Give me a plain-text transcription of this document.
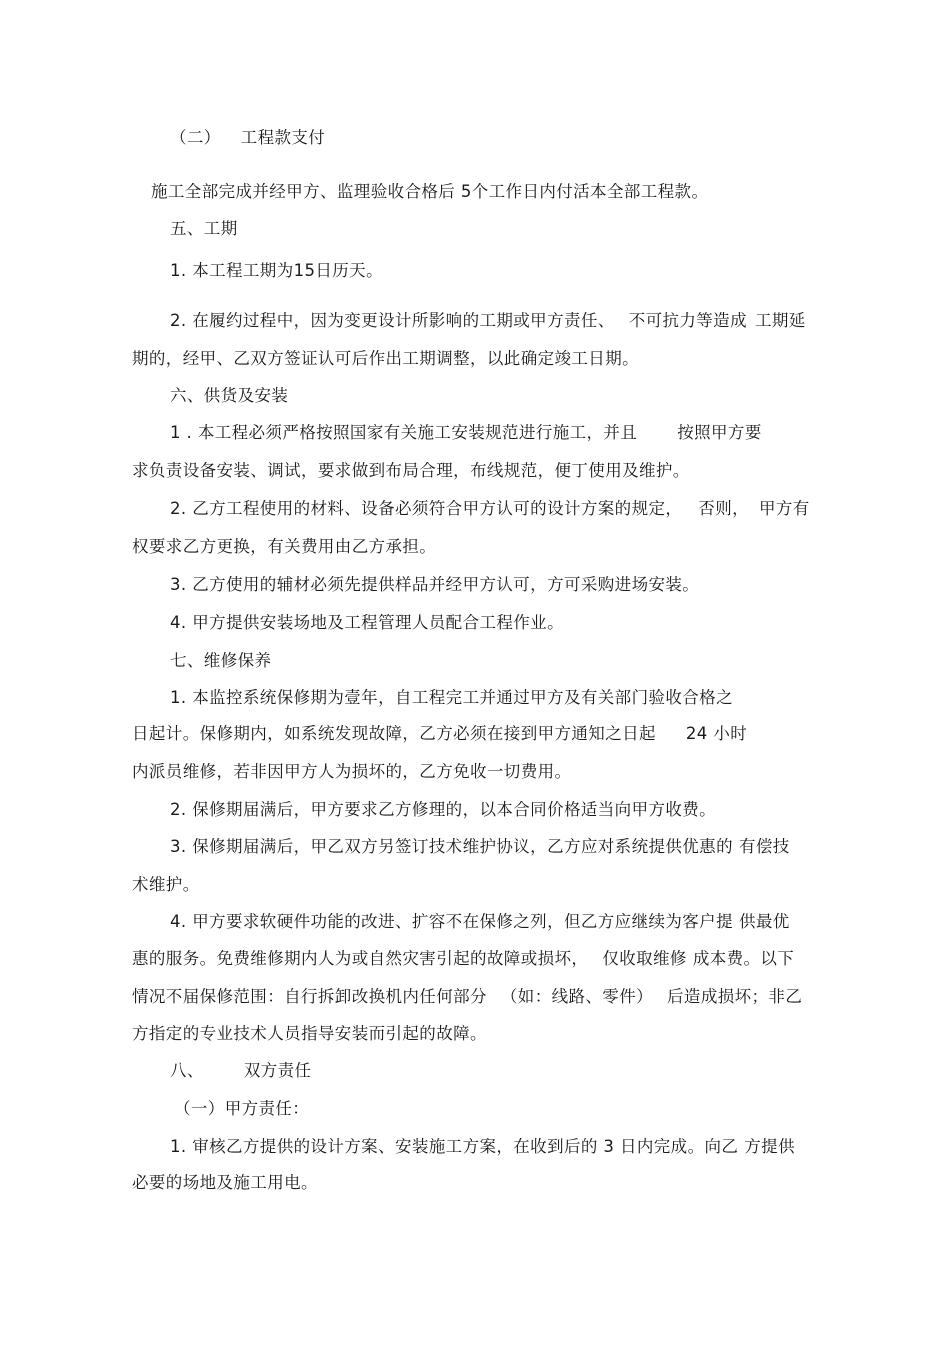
（二） 工程款支付

施工全部完成并经甲方、监理验收合格后 5个工作日内付活本全部工程款。

五、工期

1. 本工程工期为15日历天。

2. 在履约过程中，因为变更设计所影响的工期或甲方责任、 不可抗力等造成 工期延

期的，经甲、乙双方签证认可后作出工期调整，以此确定竣工日期。

六、供货及安装

1 . 本工程必须严格按照国家有关施工安装规范进行施工，并且 按照甲方要

求负责设备安装、调试，要求做到布局合理，布线规范，便丁使用及维护。

2. 乙方工程使用的材料、设备必须符合甲方认可的设计方案的规定， 否则， 甲方有

权要求乙方更换，有关费用由乙方承担。

3. 乙方使用的辅材必须先提供样品并经甲方认可，方可采购进场安装。

4. 甲方提供安装场地及工程管理人员配合工程作业。

七、维修保养

1. 本监控系统保修期为壹年，自工程完工并通过甲方及有关部门验收合格之

日起计。保修期内，如系统发现故障，乙方必须在接到甲方通知之日起 24 小时

内派员维修，若非因甲方人为损坏的，乙方免收一切费用。

2. 保修期届满后，甲方要求乙方修理的，以本合同价格适当向甲方收费。

3. 保修期届满后，甲乙双方另签订技术维护协议，乙方应对系统提供优惠的 有偿技

术维护。

4. 甲方要求软硬件功能的改进、扩容不在保修之列，但乙方应继续为客户提 供最优

惠的服务。免费维修期内人为或自然灾害引起的故障或损坏， 仅收取维修 成本费。以下

情况不届保修范围：自行拆卸改换机内任何部分 （如：线路、零件） 后造成损坏；非乙

方指定的专业技术人员指导安装而引起的故障。

八、 双方责任

（一）甲方责任：

1. 审核乙方提供的设计方案、安装施工方案，在收到后的 3 日内完成。向乙 方提供

必要的场地及施工用电。
